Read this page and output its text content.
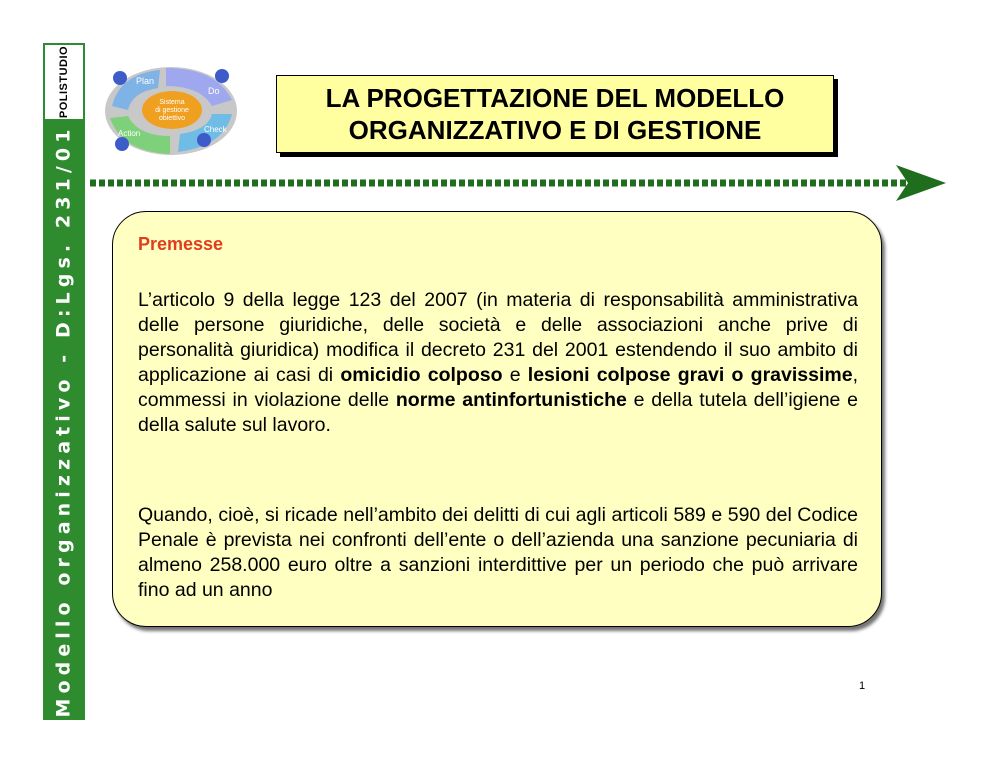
POLISTUDIO
Modello organizzativo - D:Lgs. 231/01
Plan
Do
Check
Action
Sistema
di gestione
obiettivo
LA PROGETTAZIONE DEL MODELLO
ORGANIZZATIVO E DI GESTIONE
Premesse

L’articolo 9 della legge 123 del 2007 (in materia di responsabilità amministrativa delle persone giuridiche, delle società e delle associazioni anche prive di personalità giuridica) modifica il decreto 231 del 2001 estendendo il suo ambito di applicazione ai casi di omicidio colposo e lesioni colpose gravi o gravissime, commessi in violazione delle norme antinfortunistiche e della tutela dell’igiene e della salute sul lavoro.

Quando, cioè, si ricade nell’ambito dei delitti di cui agli articoli 589 e 590 del Codice Penale è prevista nei confronti dell’ente o dell’azienda una sanzione pecuniaria di almeno 258.000 euro oltre a sanzioni interdittive per un periodo che può arrivare fino ad un anno

1
